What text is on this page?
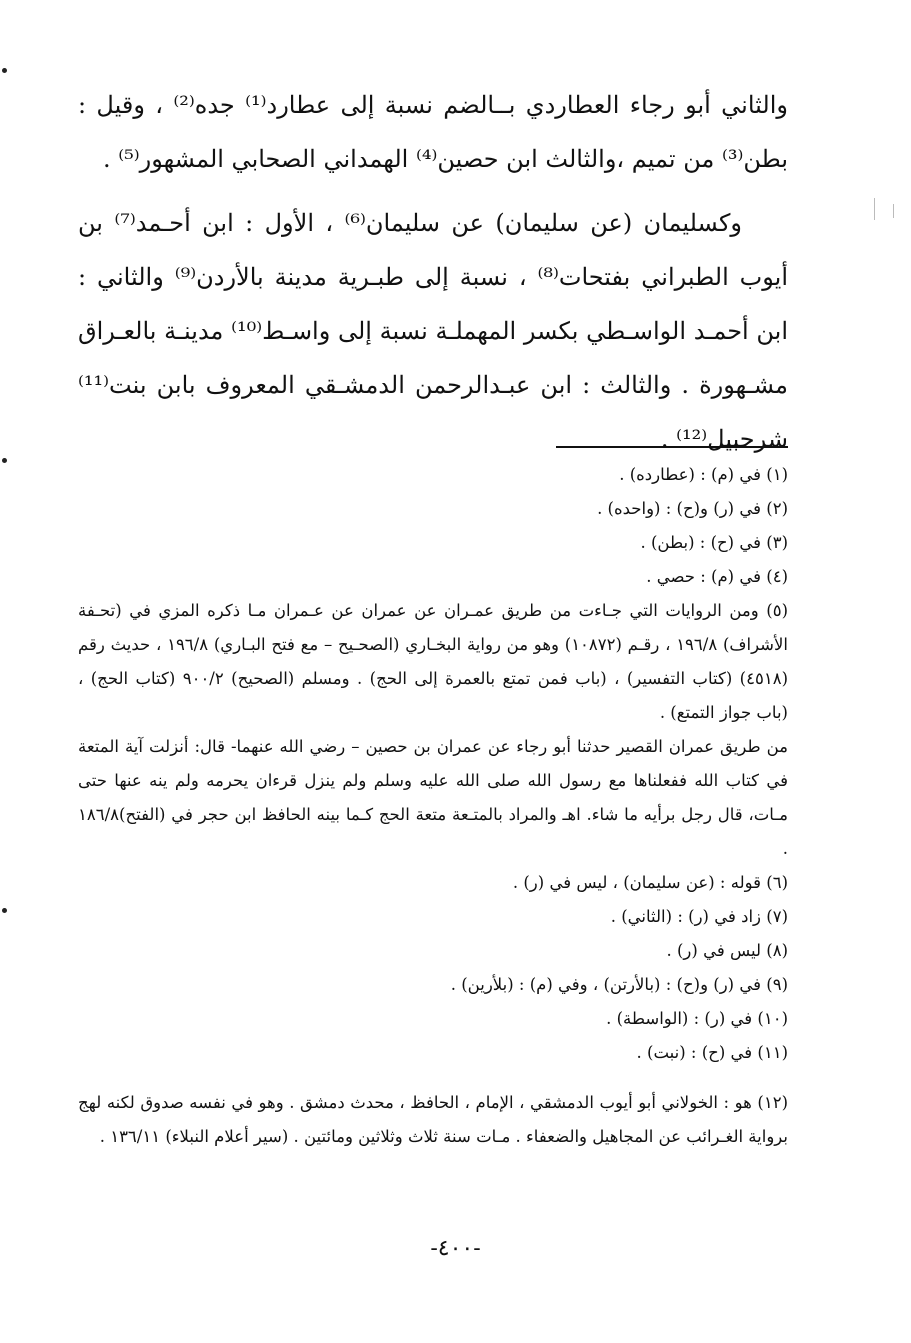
والثاني أبو رجاء العطاردي بــالضم نسبة إلى عطارد⁽¹⁾ جده⁽²⁾ ، وقيل : بطن⁽³⁾ من تميم ،والثالث ابن حصين⁽⁴⁾ الهمداني الصحابي المشهور⁽⁵⁾ .

وكسليمان (عن سليمان) عن سليمان⁽⁶⁾ ، الأول : ابن أحـمد⁽⁷⁾ بن أيوب الطبراني بفتحات⁽⁸⁾ ، نسبة إلى طبـرية مدينة بالأردن⁽⁹⁾ والثاني : ابن أحمـد الواسـطي بكسر المهملـة نسبة إلى واسـط⁽¹⁰⁾ مدينـة بالعـراق مشـهورة . والثالث : ابن عبـدالرحمن الدمشـقي المعروف بابن بنت⁽¹¹⁾ شرحبيل⁽¹²⁾ .

(١) في (م) : (عطارده) .

(٢) في (ر) و(ح) : (واحده) .

(٣) في (ح) : (بطن) .

(٤) في (م) : حصي .

(٥) ومن الروايات التي جـاءت من طريق عمـران عن عمران عن عـمران مـا ذكره المزي في (تحـفة الأشراف) ١٩٦/٨ ، رقـم (١٠٨٧٢) وهو من رواية البخـاري (الصحـيح – مع فتح البـاري) ١٩٦/٨ ، حديث رقم (٤٥١٨) (كتاب التفسير) ، (باب فمن تمتع بالعمرة إلى الحج) . ومسلم (الصحيح) ٩٠٠/٢ (كتاب الحج) ، (باب جواز التمتع) .

من طريق عمران القصير حدثنا أبو رجاء عن عمران بن حصين – رضي الله عنهما- قال: أنزلت آية المتعة في كتاب الله ففعلناها مع رسول الله صلى الله عليه وسلم ولم ينزل قرءان يحرمه ولم ينه عنها حتى مـات، قال رجل برأيه ما شاء. اهـ والمراد بالمتـعة متعة الحج كـما بينه الحافظ ابن حجر في (الفتح)١٨٦/٨ .

(٦) قوله : (عن سليمان) ، ليس في (ر) .

(٧) زاد في (ر) : (الثاني) .

(٨) ليس في (ر) .

(٩) في (ر) و(ح) : (بالأرتن) ، وفي (م) : (بلأرين) .

(١٠) في (ر) : (الواسطة) .

(١١) في (ح) : (نبت) .

(١٢) هو : الخولاني أبو أيوب الدمشقي ، الإمام ، الحافظ ، محدث دمشق . وهو في نفسه صدوق لكنه لهج برواية الغـرائب عن المجاهيل والضعفاء . مـات سنة ثلاث وثلاثين ومائتين . (سير أعلام النبلاء) ١٣٦/١١ .

-٤٠٠-
